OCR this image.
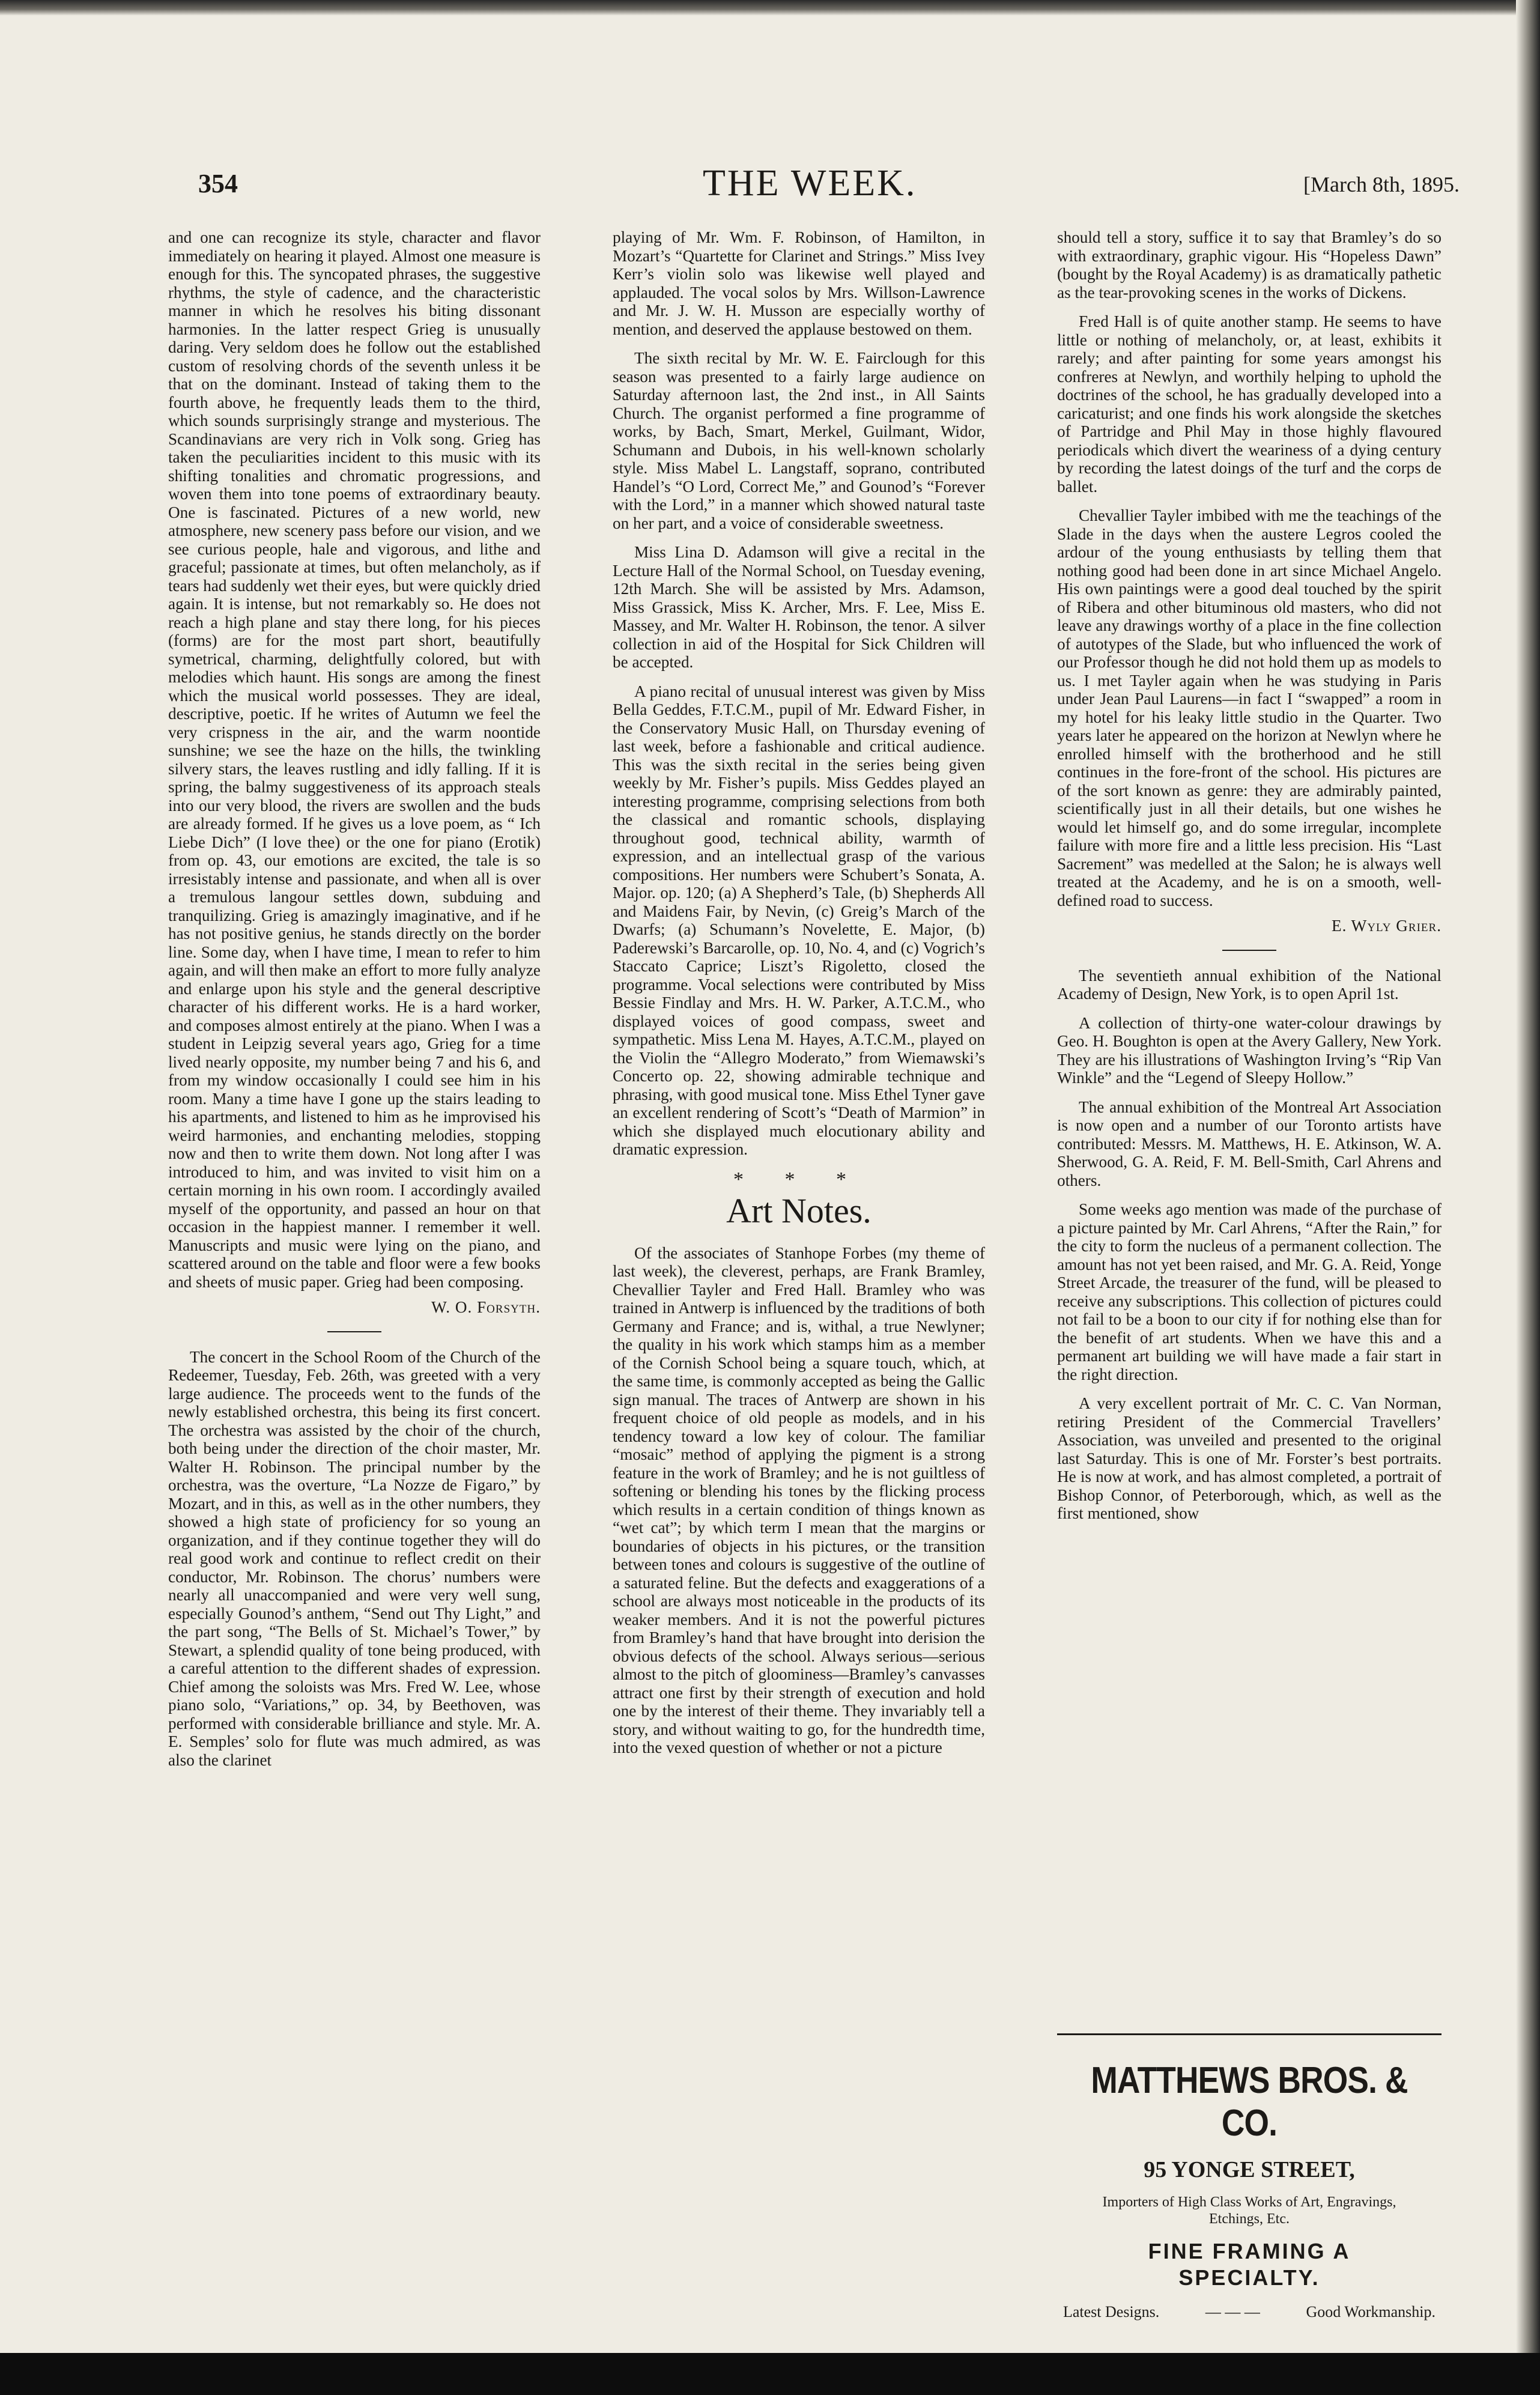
354	THE WEEK.	[March 8th, 1895.

and one can recognize its style, character and flavor immediately on hearing it played. Almost one measure is enough for this. The syncopated phrases, the suggestive rhythms, the style of cadence, and the characteristic manner in which he resolves his biting dissonant harmonies. In the latter respect Grieg is unusually daring. Very seldom does he follow out the established custom of resolving chords of the seventh unless it be that on the dominant. Instead of taking them to the fourth above, he frequently leads them to the third, which sounds surprisingly strange and mysterious. The Scandinavians are very rich in Volk song. Grieg has taken the peculiarities incident to this music with its shifting tonalities and chromatic progressions, and woven them into tone poems of extraordinary beauty. One is fascinated. Pictures of a new world, new atmosphere, new scenery pass before our vision, and we see curious people, hale and vigorous, and lithe and graceful; passionate at times, but often melancholy, as if tears had suddenly wet their eyes, but were quickly dried again. It is intense, but not remarkably so. He does not reach a high plane and stay there long, for his pieces (forms) are for the most part short, beautifully symetrical, charming, delightfully colored, but with melodies which haunt. His songs are among the finest which the musical world possesses. They are ideal, descriptive, poetic. If he writes of Autumn we feel the very crispness in the air, and the warm noontide sunshine; we see the haze on the hills, the twinkling silvery stars, the leaves rustling and idly falling. If it is spring, the balmy suggestiveness of its approach steals into our very blood, the rivers are swollen and the buds are already formed. If he gives us a love poem, as “ Ich Liebe Dich” (I love thee) or the one for piano (Erotik) from op. 43, our emotions are excited, the tale is so irresistably intense and passionate, and when all is over a tremulous langour settles down, subduing and tranquilizing. Grieg is amazingly imaginative, and if he has not positive genius, he stands directly on the border line. Some day, when I have time, I mean to refer to him again, and will then make an effort to more fully analyze and enlarge upon his style and the general descriptive character of his different works. He is a hard worker, and composes almost entirely at the piano. When I was a student in Leipzig several years ago, Grieg for a time lived nearly opposite, my number being 7 and his 6, and from my window occasionally I could see him in his room. Many a time have I gone up the stairs leading to his apartments, and listened to him as he improvised his weird harmonies, and enchanting melodies, stopping now and then to write them down. Not long after I was introduced to him, and was invited to visit him on a certain morning in his own room. I accordingly availed myself of the opportunity, and passed an hour on that occasion in the happiest manner. I remember it well. Manuscripts and music were lying on the piano, and scattered around on the table and floor were a few books and sheets of music paper. Grieg had been composing.

W. O. Forsyth.

The concert in the School Room of the Church of the Redeemer, Tuesday, Feb. 26th, was greeted with a very large audience. The proceeds went to the funds of the newly established orchestra, this being its first concert. The orchestra was assisted by the choir of the church, both being under the direction of the choir master, Mr. Walter H. Robinson. The principal number by the orchestra, was the overture, “La Nozze de Figaro,” by Mozart, and in this, as well as in the other numbers, they showed a high state of proficiency for so young an organization, and if they continue together they will do real good work and continue to reflect credit on their conductor, Mr. Robinson. The chorus’ numbers were nearly all unaccompanied and were very well sung, especially Gounod’s anthem, “Send out Thy Light,” and the part song, “The Bells of St. Michael’s Tower,” by Stewart, a splendid quality of tone being produced, with a careful attention to the different shades of expression. Chief among the soloists was Mrs. Fred W. Lee, whose piano solo, “Variations,” op. 34, by Beethoven, was performed with considerable brilliance and style. Mr. A. E. Semples’ solo for flute was much admired, as was also the clarinet

playing of Mr. Wm. F. Robinson, of Hamilton, in Mozart’s “Quartette for Clarinet and Strings.” Miss Ivey Kerr’s violin solo was likewise well played and applauded. The vocal solos by Mrs. Willson-Lawrence and Mr. J. W. H. Musson are especially worthy of mention, and deserved the applause bestowed on them.

The sixth recital by Mr. W. E. Fairclough for this season was presented to a fairly large audience on Saturday afternoon last, the 2nd inst., in All Saints Church. The organist performed a fine programme of works, by Bach, Smart, Merkel, Guilmant, Widor, Schumann and Dubois, in his well-known scholarly style. Miss Mabel L. Langstaff, soprano, contributed Handel’s “O Lord, Correct Me,” and Gounod’s “Forever with the Lord,” in a manner which showed natural taste on her part, and a voice of considerable sweetness.

Miss Lina D. Adamson will give a recital in the Lecture Hall of the Normal School, on Tuesday evening, 12th March. She will be assisted by Mrs. Adamson, Miss Grassick, Miss K. Archer, Mrs. F. Lee, Miss E. Massey, and Mr. Walter H. Robinson, the tenor. A silver collection in aid of the Hospital for Sick Children will be accepted.

A piano recital of unusual interest was given by Miss Bella Geddes, F.T.C.M., pupil of Mr. Edward Fisher, in the Conservatory Music Hall, on Thursday evening of last week, before a fashionable and critical audience. This was the sixth recital in the series being given weekly by Mr. Fisher’s pupils. Miss Geddes played an interesting programme, comprising selections from both the classical and romantic schools, displaying throughout good, technical ability, warmth of expression, and an intellectual grasp of the various compositions. Her numbers were Schubert’s Sonata, A. Major. op. 120; (a) A Shepherd’s Tale, (b) Shepherds All and Maidens Fair, by Nevin, (c) Greig’s March of the Dwarfs; (a) Schumann’s Novelette, E. Major, (b) Paderewski’s Barcarolle, op. 10, No. 4, and (c) Vogrich’s Staccato Caprice; Liszt’s Rigoletto, closed the programme. Vocal selections were contributed by Miss Bessie Findlay and Mrs. H. W. Parker, A.T.C.M., who displayed voices of good compass, sweet and sympathetic. Miss Lena M. Hayes, A.T.C.M., played on the Violin the “Allegro Moderato,” from Wiemawski’s Concerto op. 22, showing admirable technique and phrasing, with good musical tone. Miss Ethel Tyner gave an excellent rendering of Scott’s “Death of Marmion” in which she displayed much elocutionary ability and dramatic expression.

* * *
Art Notes.

Of the associates of Stanhope Forbes (my theme of last week), the cleverest, perhaps, are Frank Bramley, Chevallier Tayler and Fred Hall. Bramley who was trained in Antwerp is influenced by the traditions of both Germany and France; and is, withal, a true Newlyner; the quality in his work which stamps him as a member of the Cornish School being a square touch, which, at the same time, is commonly accepted as being the Gallic sign manual. The traces of Antwerp are shown in his frequent choice of old people as models, and in his tendency toward a low key of colour. The familiar “mosaic” method of applying the pigment is a strong feature in the work of Bramley; and he is not guiltless of softening or blending his tones by the flicking process which results in a certain condition of things known as “wet cat”; by which term I mean that the margins or boundaries of objects in his pictures, or the transition between tones and colours is suggestive of the outline of a saturated feline. But the defects and exaggerations of a school are always most noticeable in the products of its weaker members. And it is not the powerful pictures from Bramley’s hand that have brought into derision the obvious defects of the school. Always serious—serious almost to the pitch of gloominess—Bramley’s canvasses attract one first by their strength of execution and hold one by the interest of their theme. They invariably tell a story, and without waiting to go, for the hundredth time, into the vexed question of whether or not a picture

should tell a story, suffice it to say that Bramley’s do so with extraordinary, graphic vigour. His “Hopeless Dawn” (bought by the Royal Academy) is as dramatically pathetic as the tear-provoking scenes in the works of Dickens.

Fred Hall is of quite another stamp. He seems to have little or nothing of melancholy, or, at least, exhibits it rarely; and after painting for some years amongst his confreres at Newlyn, and worthily helping to uphold the doctrines of the school, he has gradually developed into a caricaturist; and one finds his work alongside the sketches of Partridge and Phil May in those highly flavoured periodicals which divert the weariness of a dying century by recording the latest doings of the turf and the corps de ballet.

Chevallier Tayler imbibed with me the teachings of the Slade in the days when the austere Legros cooled the ardour of the young enthusiasts by telling them that nothing good had been done in art since Michael Angelo. His own paintings were a good deal touched by the spirit of Ribera and other bituminous old masters, who did not leave any drawings worthy of a place in the fine collection of autotypes of the Slade, but who influenced the work of our Professor though he did not hold them up as models to us. I met Tayler again when he was studying in Paris under Jean Paul Laurens—in fact I “swapped” a room in my hotel for his leaky little studio in the Quarter. Two years later he appeared on the horizon at Newlyn where he enrolled himself with the brotherhood and he still continues in the fore-front of the school. His pictures are of the sort known as genre: they are admirably painted, scientifically just in all their details, but one wishes he would let himself go, and do some irregular, incomplete failure with more fire and a little less precision. His “Last Sacrement” was medelled at the Salon; he is always well treated at the Academy, and he is on a smooth, well-defined road to success.

E. Wyly Grier.

The seventieth annual exhibition of the National Academy of Design, New York, is to open April 1st.

A collection of thirty-one water-colour drawings by Geo. H. Boughton is open at the Avery Gallery, New York. They are his illustrations of Washington Irving’s “Rip Van Winkle” and the “Legend of Sleepy Hollow.”

The annual exhibition of the Montreal Art Association is now open and a number of our Toronto artists have contributed: Messrs. M. Matthews, H. E. Atkinson, W. A. Sherwood, G. A. Reid, F. M. Bell-Smith, Carl Ahrens and others.

Some weeks ago mention was made of the purchase of a picture painted by Mr. Carl Ahrens, “After the Rain,” for the city to form the nucleus of a permanent collection. The amount has not yet been raised, and Mr. G. A. Reid, Yonge Street Arcade, the treasurer of the fund, will be pleased to receive any subscriptions. This collection of pictures could not fail to be a boon to our city if for nothing else than for the benefit of art students. When we have this and a permanent art building we will have made a fair start in the right direction.

A very excellent portrait of Mr. C. C. Van Norman, retiring President of the Commercial Travellers’ Association, was unveiled and presented to the original last Saturday. This is one of Mr. Forster’s best portraits. He is now at work, and has almost completed, a portrait of Bishop Connor, of Peterborough, which, as well as the first mentioned, show

MATTHEWS BROS. & CO.
95 YONGE STREET,
Importers of High Class Works of Art, Engravings, Etchings, Etc.
FINE FRAMING A
SPECIALTY.
Latest Designs.	— — —	Good Workmanship.
